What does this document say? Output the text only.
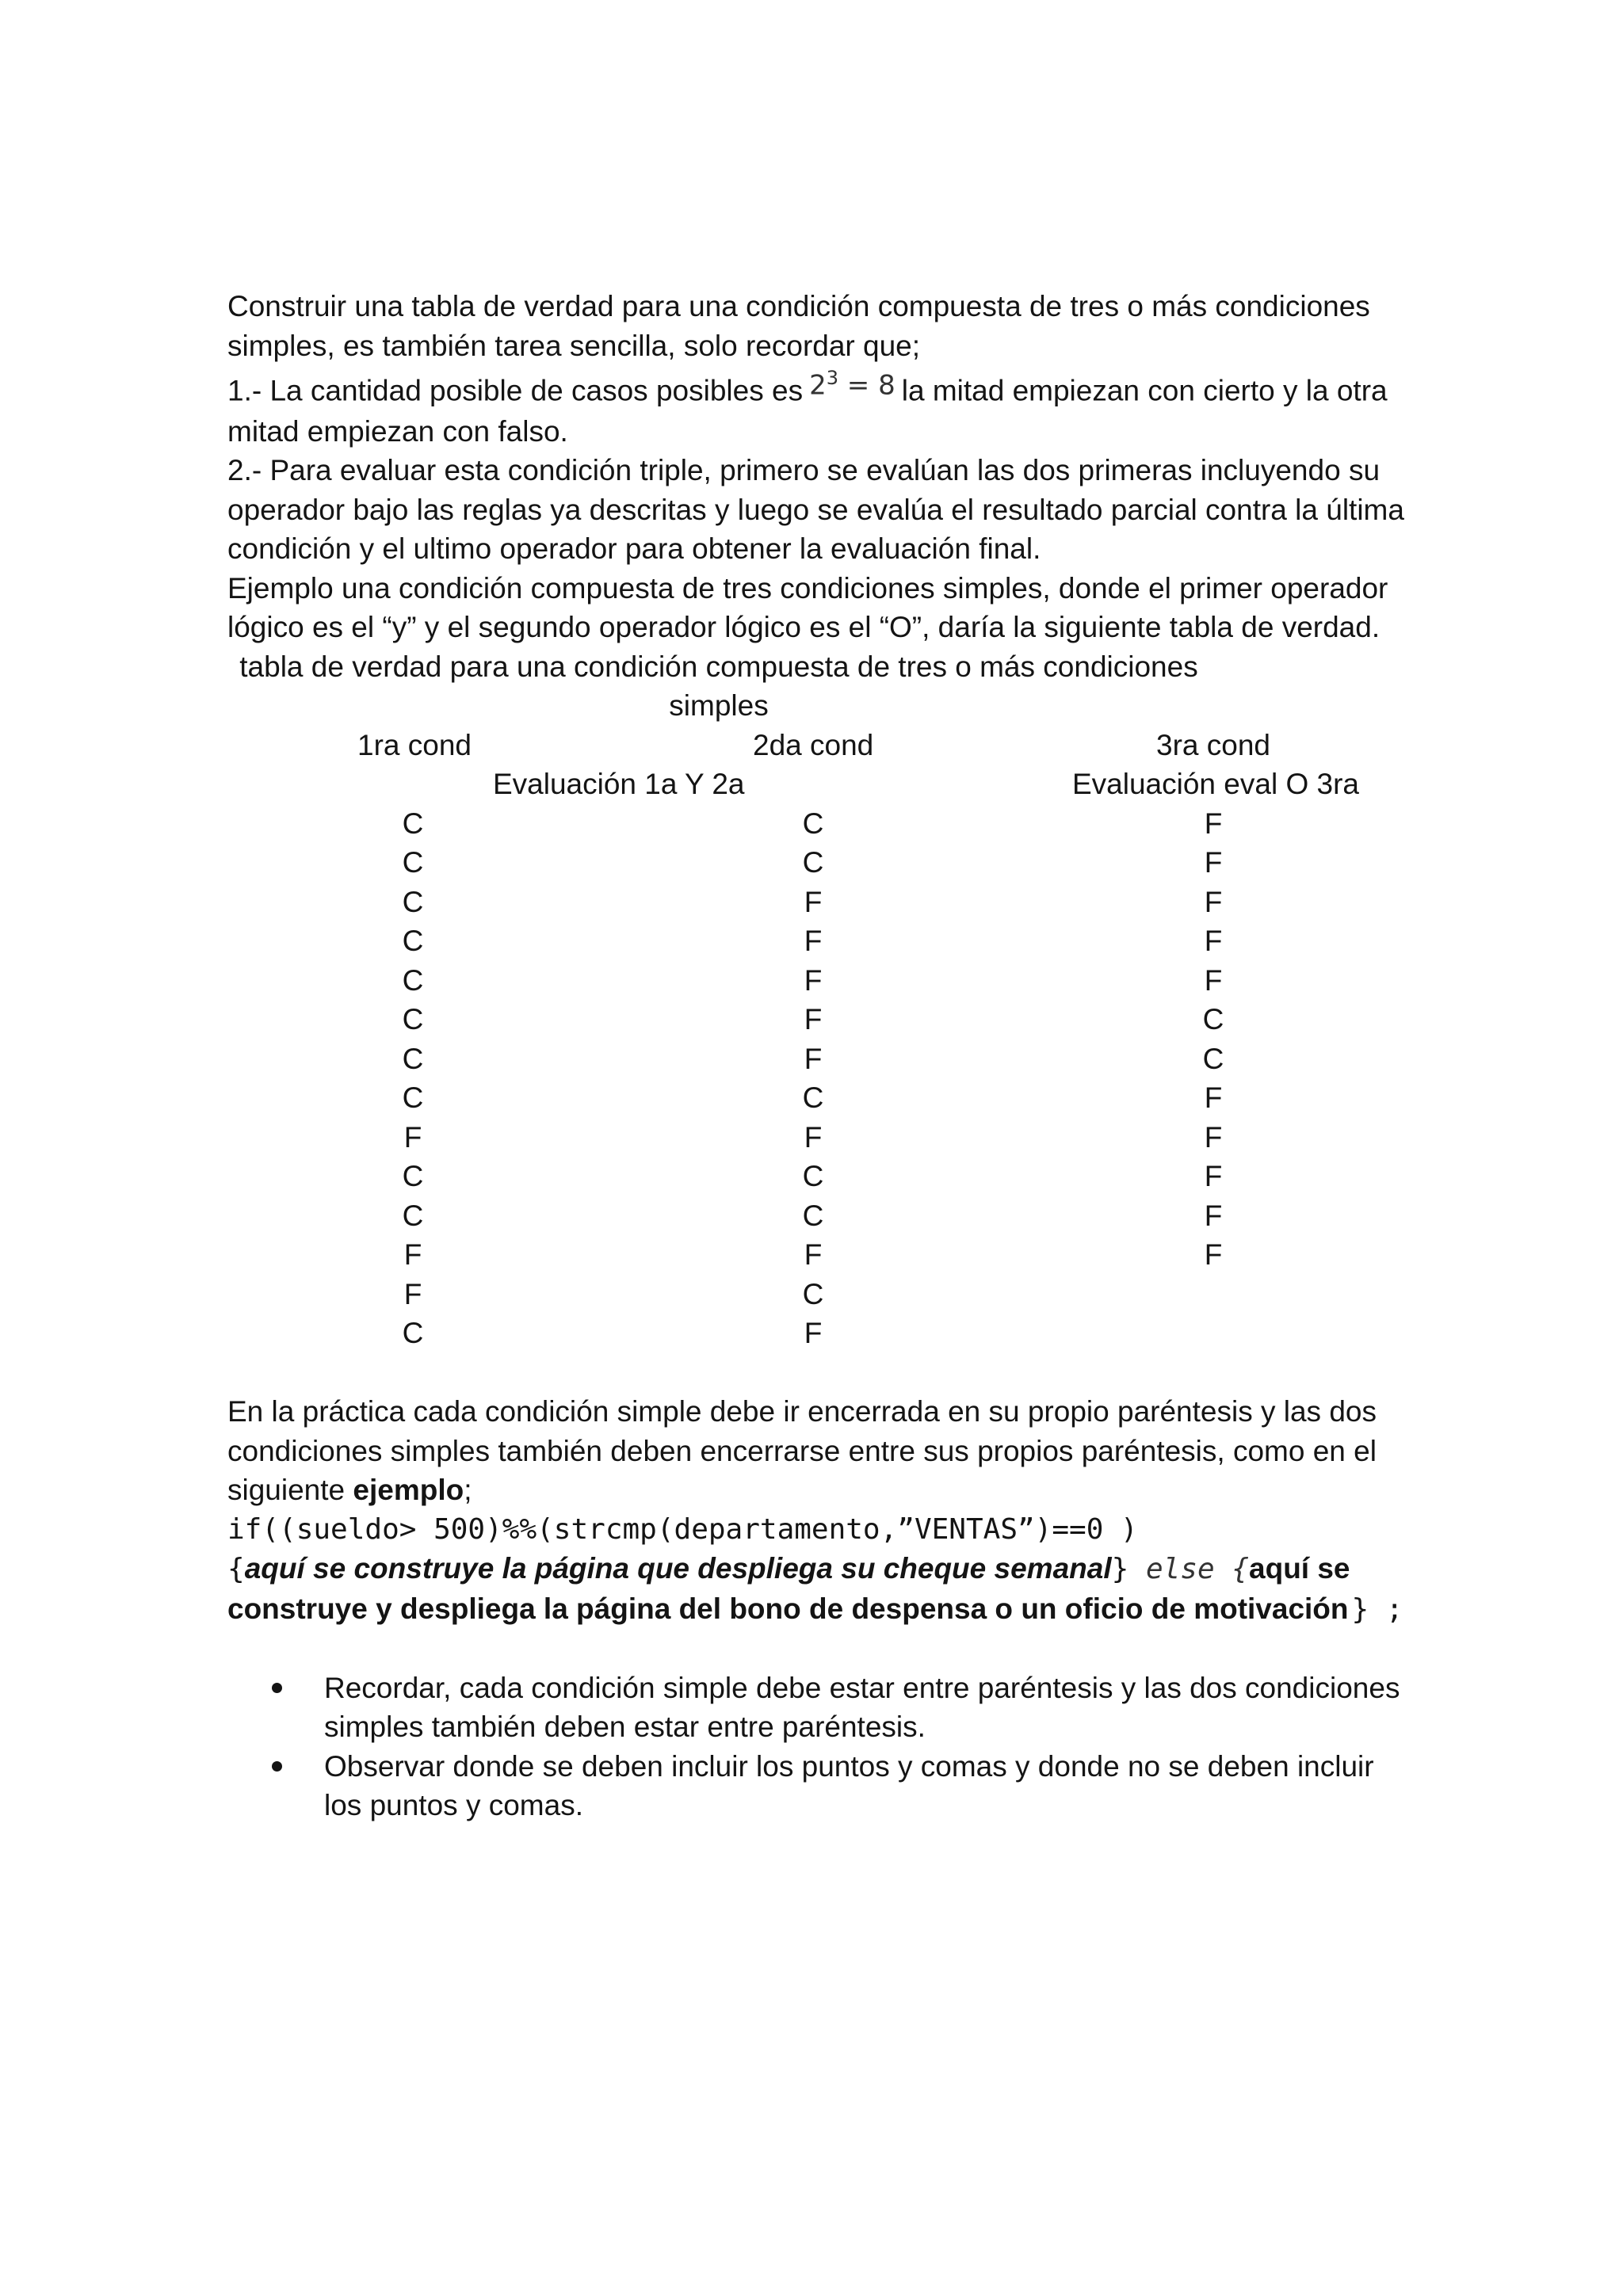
Construir una tabla de verdad para una condición compuesta de tres o más condiciones

simples, es también tarea sencilla, solo recordar que;

1.- La cantidad posible de casos posibles es $2^3 = 8$ la mitad empiezan con cierto y la otra

mitad empiezan con falso.

2.- Para evaluar esta condición triple, primero se evalúan las dos primeras incluyendo su

operador bajo las reglas ya descritas y luego se evalúa el resultado parcial contra la última

condición y el ultimo operador para obtener la evaluación final.

Ejemplo una condición compuesta de tres condiciones simples, donde el primer operador

lógico es el “y” y el segundo operador lógico es el “O”, daría la siguiente tabla de verdad.

tabla de verdad para una condición compuesta de tres o más condiciones simples

1ra cond	2da cond	3ra cond
Evaluación 1a Y 2a	Evaluación eval O 3ra
C	C	F
C	C	F
C	F	F
C	F	F
C	F	F
C	F	C
C	F	C
C	C	F
F	F	F
C	C	F
C	C	F
F	F	F
F	C
C	F

En la práctica cada condición simple debe ir encerrada en su propio paréntesis y las dos

condiciones simples también deben encerrarse entre sus propios paréntesis, como en el

siguiente ejemplo;

if((sueldo> 500)%%(strcmp(departamento,”VENTAS”)==0 )

{aquí se construye la página que despliega su cheque semanal} else {aquí se

construye y despliega la página del bono de despensa o un oficio de motivación } ;

Recordar, cada condición simple debe estar entre paréntesis y las dos condiciones
simples también deben estar entre paréntesis.
Observar donde se deben incluir los puntos y comas y donde no se deben incluir
los puntos y comas.
